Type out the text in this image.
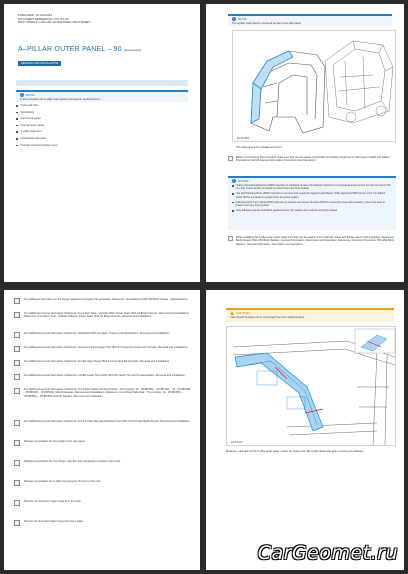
PUBLISHED: 18-JAN-2023
DOCUMENT REFERENCE: XXX-XX-XX
BODY PANELS: A-PILLAR OUTER PANEL (SECTIONED)
A–PILLAR OUTER PANEL – 90 (Sectioned)
REMOVAL AND INSTALLATION
i	NOTE:
In this procedure the A-pillar outer panel is renewed in sectioned form:
Front roof rails
Windshield
Instrument panel
Frontal upper panel
A-pillar lower trim
Cowl-panel side seal
Frontal mounting bracket cover
i	NOTE:
The A-pillar outer panel is removed as part of the side panel.
E123456
The side panel to be installed as shown.
Before commencing this procedure make sure that you are aware of all health and safety requirements. Reference: Health and Safety Precautions (100-00 General Information, Description and Operation).
i	NOTES:
Unless Structural Adhesive (SMP) retention is indicated remove the fastener which is in a mid-panel area remove the trim tool and a 50 mm drill. Cover all the cut areas to protect from any lines spatter.
Use Self Piercing Rivet (SPR) retention to remove and renew the Jaguar Land Rover (JLR) approved SPR tool or a 6.5 mm drill bit. Cover all the cut areas to protect from any lines spatter.
Adhesive Flow Form Rivet (FFR) retention to remove and renew the flow drill then renew the rivet with a pattern. Cover the area to protect from any lines spatter.
Only adhesive panels should be applied as per the vehicle and must be correctly located.
When installing the A-pillar outer panel make sure that you are aware of the methods, areas and fixings used in this procedure. Reference: Body Repairs (501-25A Body Repairs - General Information, Description and Operation). Reference: Corrosion Prevention (501-25A Body Repairs - General Information, Description and Operation).
For additional information on the fixings required to complete this procedure. Reference: Specifications (501-25A Body Panels - Specifications).
For additional removal information. Reference: Front Door Seal - Vehicles With: Power Seats (501-03 Body Closures, Removal and Installation). Reference: Front Door Seal - Vehicles Without: Power Seats (501-03 Body Closures, Removal and Installation).
For additional removal information. Reference: Windshield (501-11 Glass, Frames and Mechanisms, Removal and Installation).
For additional removal information. Reference: Instrument Panel Upper Trim (501-12 Instrument Panel and Console, Removal and Installation).
For additional removal information. Reference: Frontal Upper Panel (501-12 Front-End Body Panels, Removal and Installation).
For additional removal information. Reference: A-Pillar Lower Trim Panel (501-05 Interior Trim and Ornamentation, Removal and Installation).
For additional removal information. Reference: Front Door Seals and Vent Panels - Trim-number: 10 - (PLBP450), - (PLBP452), - 10 - (PLBP458), - (PLBP460), - (PLBP462) (100-00 Sweden, Removal and Installation). Reference: Cowl Panel Side Seal - Trim-number: 10 - (PLBP450), - (PLBP452), - (PLBP460) (100-00 Sweden, Removal and Installation).
For additional removal information. Reference: Front Fender Mounting Bracket Cover (501-27 Front-End Body Panels, Removal and Installation).
Release and position the front edge of the rear panel.
Release and position the front hinge, retention and maintenance location of the side.
Release and position the A-pillar mountings by the front of the roof.
Remove the front door upper hinge from the body.
Remove the front door lower hinge from the A-pillar.
CAUTION:
Care should be taken not to cut through the inner reinforcements.
E123457
Measure, mark and cut the A-pillar outer panel, unless the lower Inner Bar (LHD) tables that give cut at line as indicated.
CarGeomet.ru
